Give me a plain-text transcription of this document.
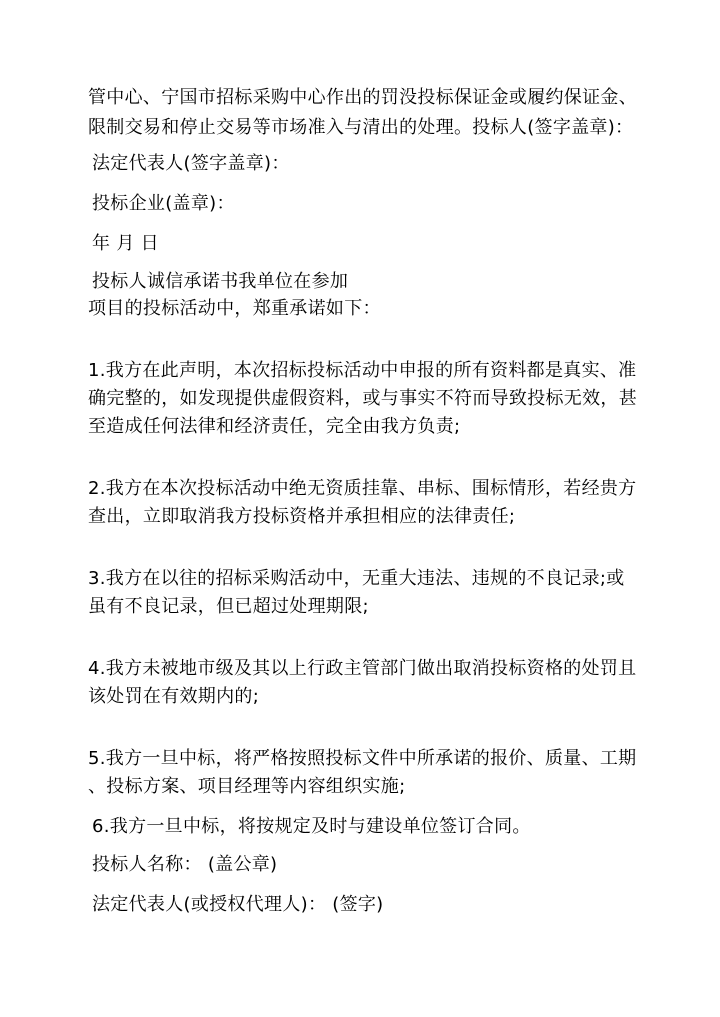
管中心、宁国市招标采购中心作出的罚没投标保证金或履约保证金、
限制交易和停止交易等市场准入与清出的处理。投标人(签字盖章)：
法定代表人(签字盖章)：
投标企业(盖章)：
年 月 日
投标人诚信承诺书我单位在参加
项目的投标活动中，郑重承诺如下：
1.我方在此声明，本次招标投标活动中申报的所有资料都是真实、准
确完整的，如发现提供虚假资料，或与事实不符而导致投标无效，甚
至造成任何法律和经济责任，完全由我方负责;
2.我方在本次投标活动中绝无资质挂靠、串标、围标情形，若经贵方
查出，立即取消我方投标资格并承担相应的法律责任;
3.我方在以往的招标采购活动中，无重大违法、违规的不良记录;或
虽有不良记录，但已超过处理期限;
4.我方未被地市级及其以上行政主管部门做出取消投标资格的处罚且
该处罚在有效期内的;
5.我方一旦中标，将严格按照投标文件中所承诺的报价、质量、工期
、投标方案、项目经理等内容组织实施;
6.我方一旦中标，将按规定及时与建设单位签订合同。
投标人名称： (盖公章)
法定代表人(或授权代理人)： (签字)
